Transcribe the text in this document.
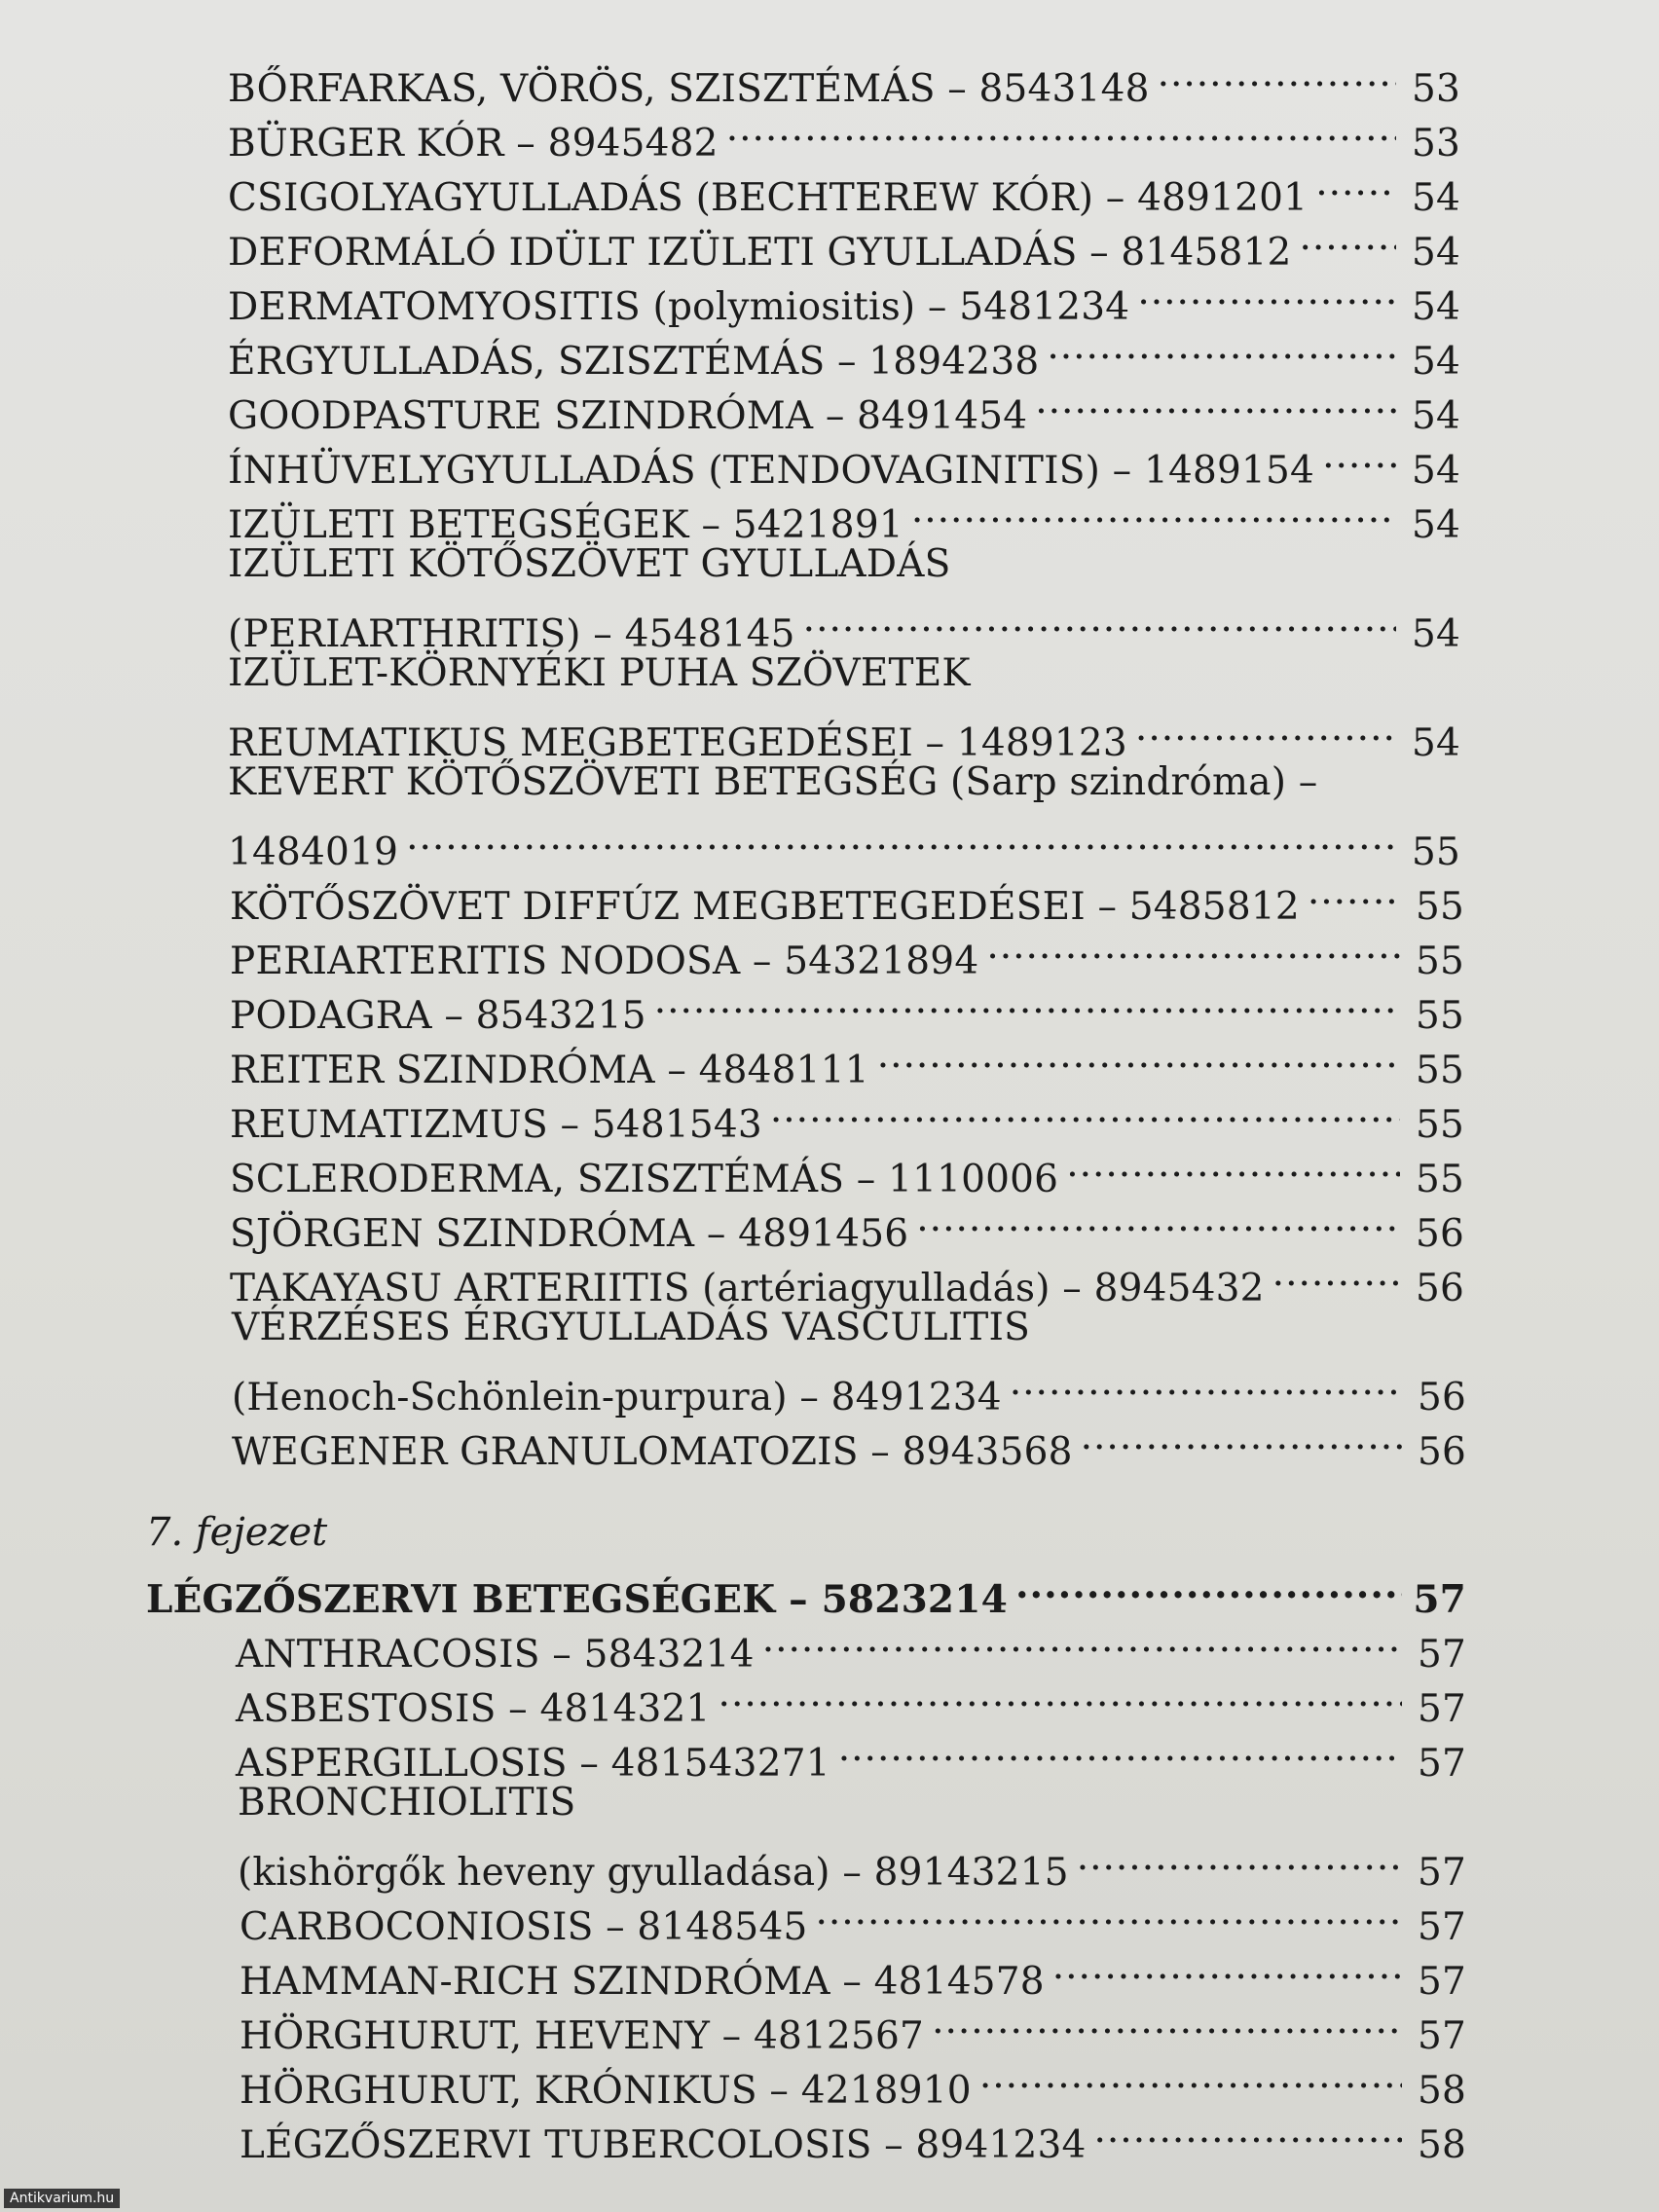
BŐRFARKAS, VÖRÖS, SZISZTÉMÁS – 8543148 .....	53
BÜRGER KÓR – 8945482 .....	53
CSIGOLYAGYULLADÁS (BECHTEREW KÓR) – 4891201 .....	54
DEFORMÁLÓ IDÜLT IZÜLETI GYULLADÁS – 8145812 .....	54
DERMATOMYOSITIS (polymiositis) – 5481234 .....	54
ÉRGYULLADÁS, SZISZTÉMÁS – 1894238 .....	54
GOODPASTURE SZINDRÓMA – 8491454 .....	54
ÍNHÜVELYGYULLADÁS (TENDOVAGINITIS) – 1489154 .....	54
IZÜLETI BETEGSÉGEK – 5421891 .....	54
IZÜLETI KÖTŐSZÖVET GYULLADÁS
(PERIARTHRITIS) – 4548145 .....	54
IZÜLET-KÖRNYÉKI PUHA SZÖVETEK
REUMATIKUS MEGBETEGEDÉSEI – 1489123 .....	54
KEVERT KÖTŐSZÖVETI BETEGSÉG (Sarp szindróma) –
1484019 .....	55
KÖTŐSZÖVET DIFFÚZ MEGBETEGEDÉSEI – 5485812 .....	55
PERIARTERITIS NODOSA – 54321894 .....	55
PODAGRA – 8543215 .....	55
REITER SZINDRÓMA – 4848111 .....	55
REUMATIZMUS – 5481543 .....	55
SCLERODERMA, SZISZTÉMÁS – 1110006 .....	55
SJÖRGEN SZINDRÓMA – 4891456 .....	56
TAKAYASU ARTERIITIS (artériagyulladás) – 8945432 .....	56
VÉRZÉSES ÉRGYULLADÁS VASCULITIS
(Henoch-Schönlein-purpura) – 8491234 .....	56
WEGENER GRANULOMATOZIS – 8943568 .....	56
7. fejezet
LÉGZŐSZERVI BETEGSÉGEK – 5823214 .....	57
ANTHRACOSIS – 5843214 .....	57
ASBESTOSIS – 4814321 .....	57
ASPERGILLOSIS – 481543271 .....	57
BRONCHIOLITIS
(kishörgők heveny gyulladása) – 89143215 .....	57
CARBOCONIOSIS – 8148545 .....	57
HAMMAN-RICH SZINDRÓMA – 4814578 .....	57
HÖRGHURUT, HEVENY – 4812567 .....	57
HÖRGHURUT, KRÓNIKUS – 4218910 .....	58
LÉGZŐSZERVI TUBERCOLOSIS – 8941234 .....	58
Antikvarium.hu
